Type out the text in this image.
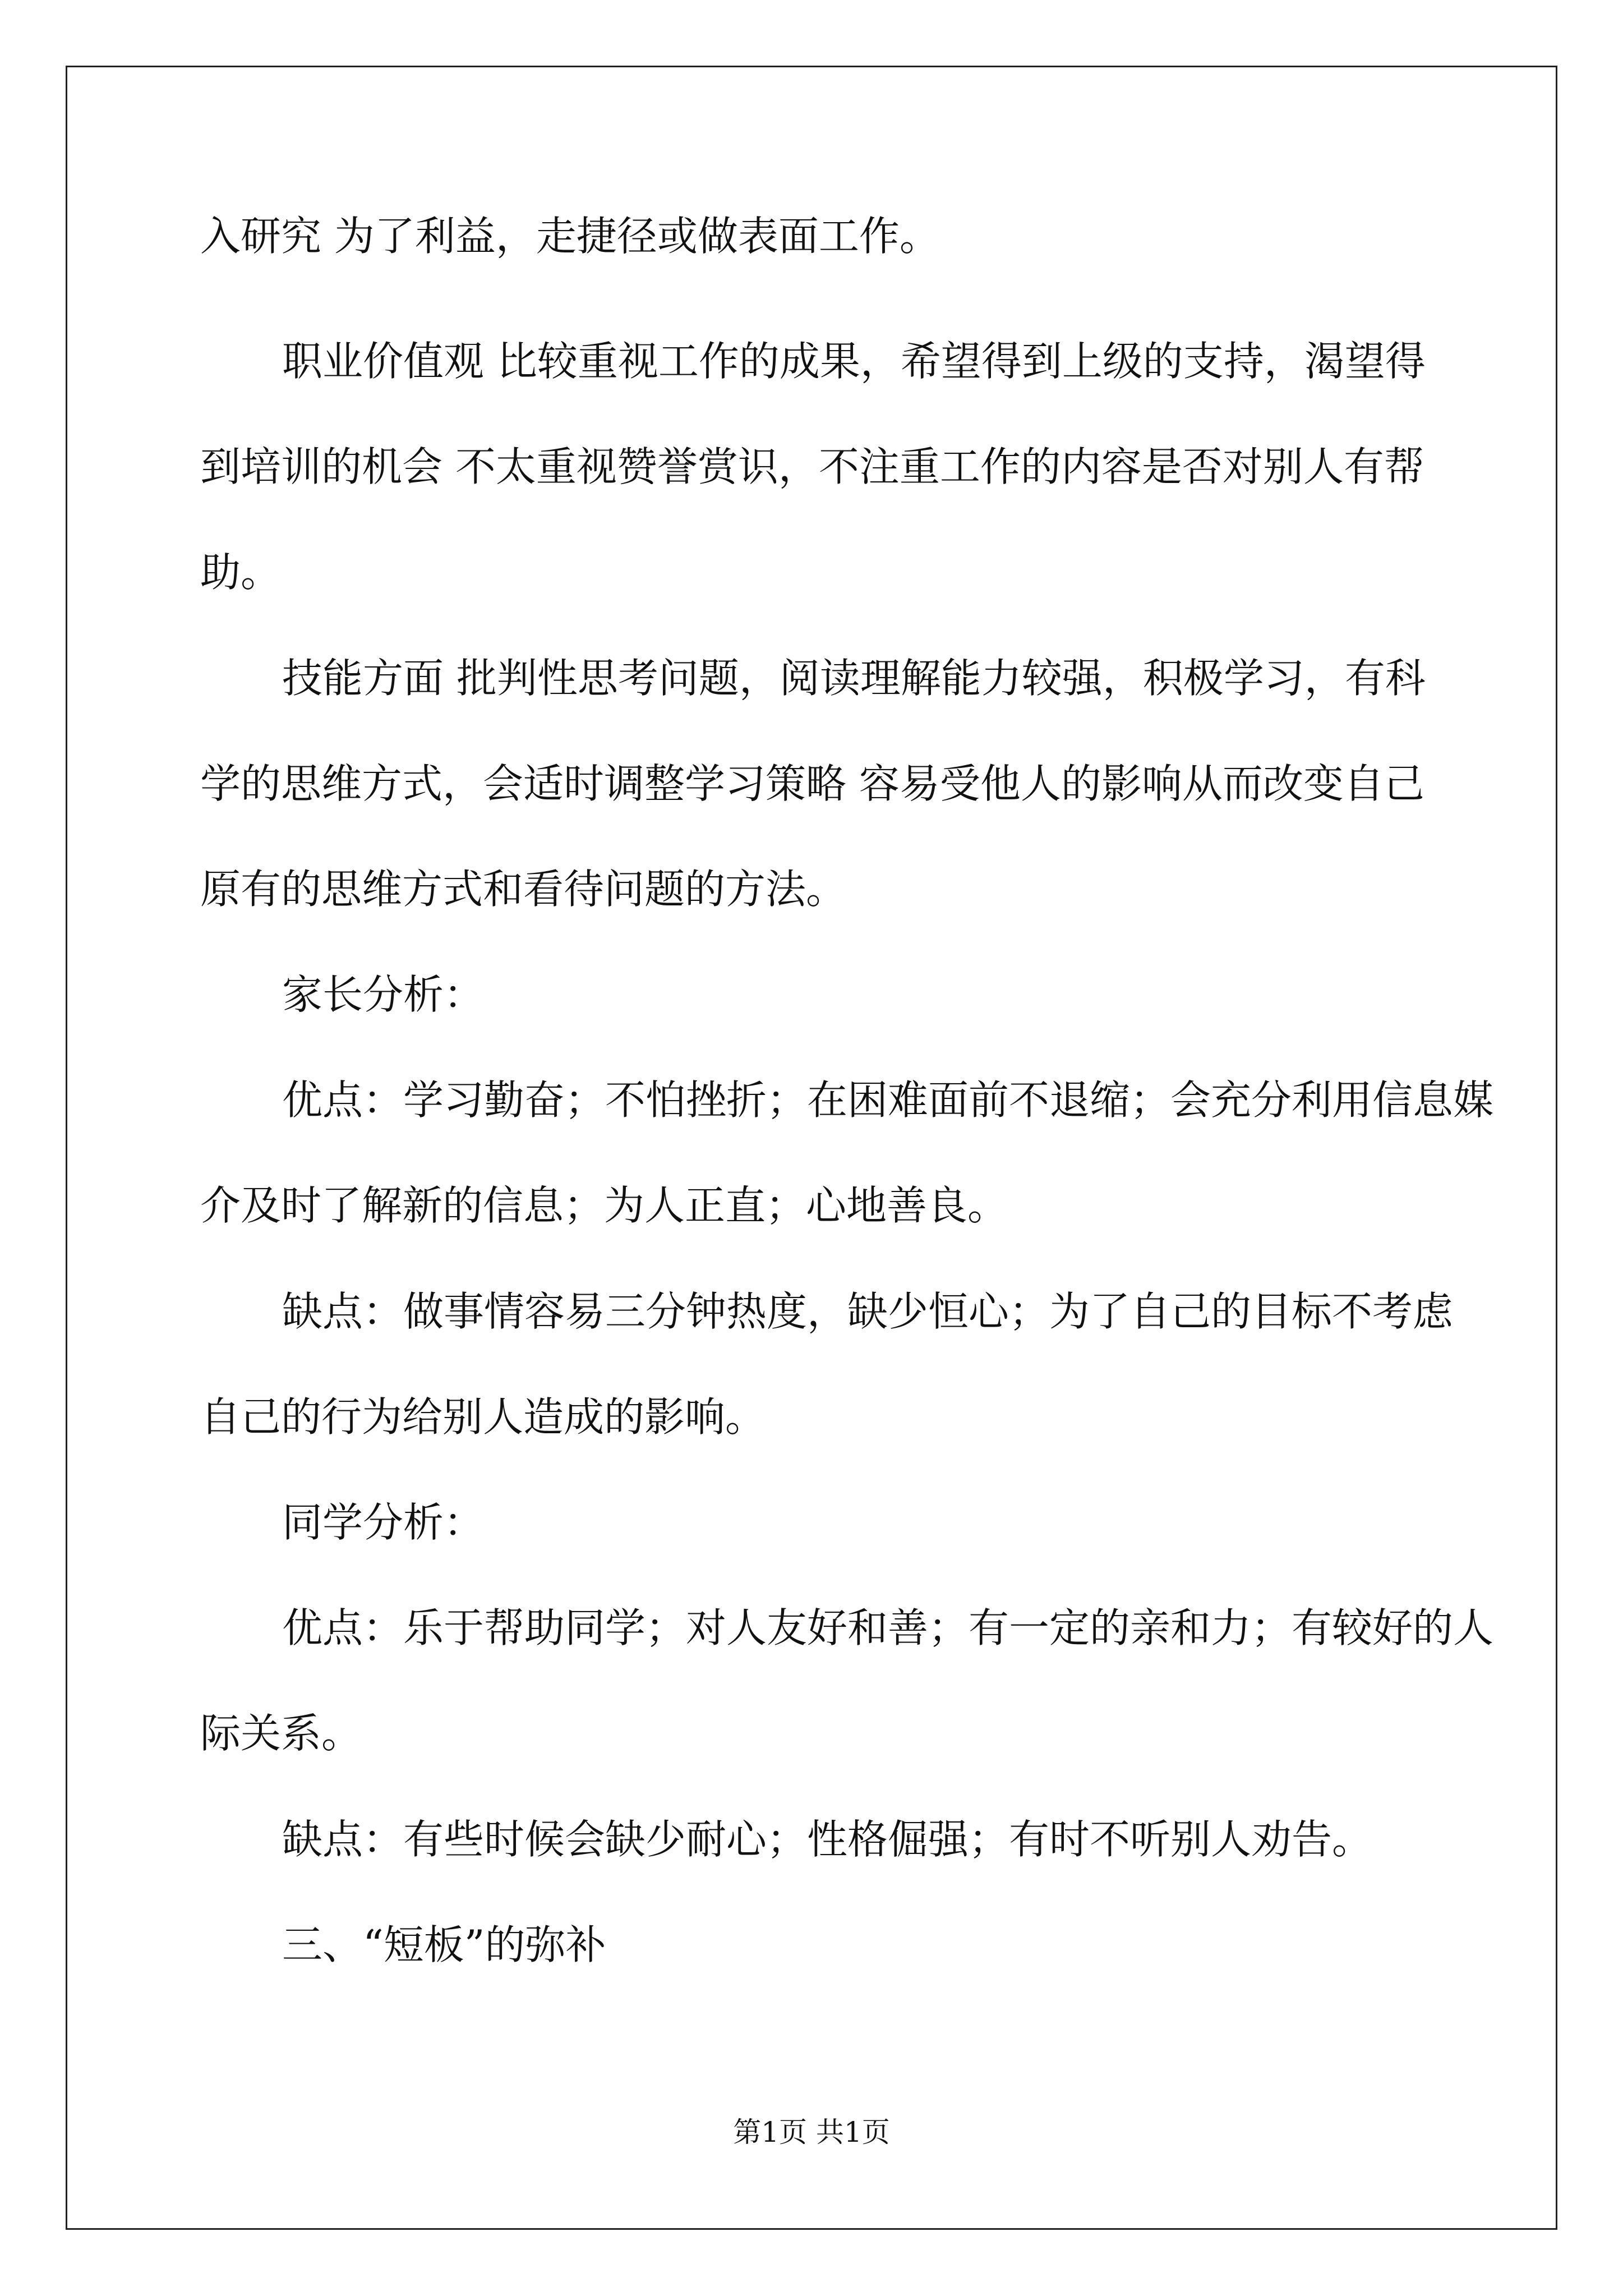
入研究 为了利益，走捷径或做表面工作。
职业价值观 比较重视工作的成果，希望得到上级的支持，渴望得
到培训的机会 不太重视赞誉赏识，不注重工作的内容是否对别人有帮
助。
技能方面 批判性思考问题，阅读理解能力较强，积极学习，有科
学的思维方式，会适时调整学习策略 容易受他人的影响从而改变自己
原有的思维方式和看待问题的方法。
家长分析：
优点：学习勤奋；不怕挫折；在困难面前不退缩；会充分利用信息媒
介及时了解新的信息；为人正直；心地善良。
缺点：做事情容易三分钟热度，缺少恒心；为了自己的目标不考虑
自己的行为给别人造成的影响。
同学分析：
优点：乐于帮助同学；对人友好和善；有一定的亲和力；有较好的人
际关系。
缺点：有些时候会缺少耐心；性格倔强；有时不听别人劝告。
三、“短板”的弥补
第1页 共1页
